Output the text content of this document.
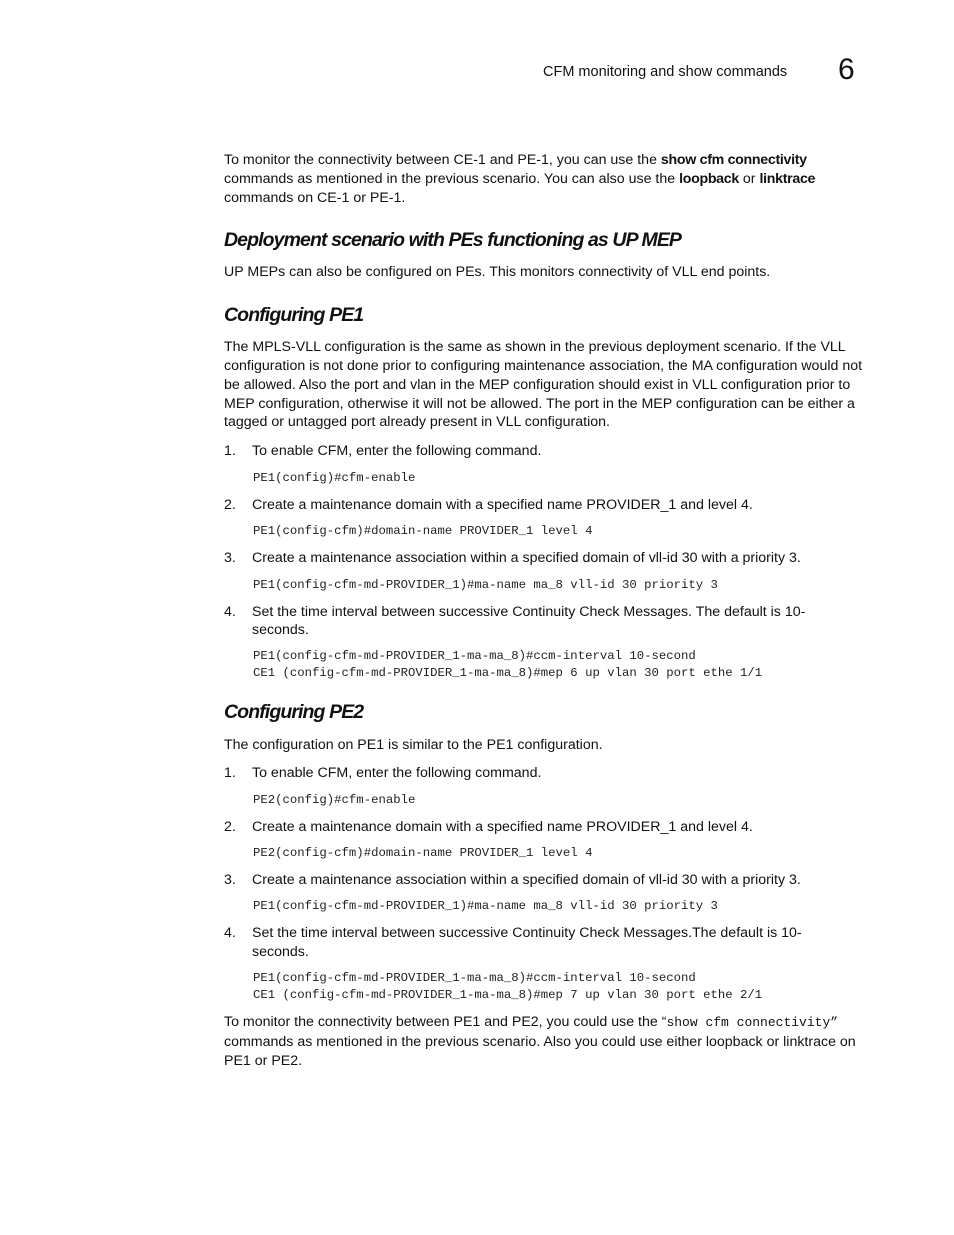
CFM monitoring and show commands 6

To monitor the connectivity between CE-1 and PE-1, you can use the show cfm connectivity commands as mentioned in the previous scenario. You can also use the loopback or linktrace commands on CE-1 or PE-1.

Deployment scenario with PEs functioning as UP MEP

UP MEPs can also be configured on PEs. This monitors connectivity of VLL end points.

Configuring PE1

The MPLS-VLL configuration is the same as shown in the previous deployment scenario. If the VLL configuration is not done prior to configuring maintenance association, the MA configuration would not be allowed. Also the port and vlan in the MEP configuration should exist in VLL configuration prior to MEP configuration, otherwise it will not be allowed. The port in the MEP configuration can be either a tagged or untagged port already present in VLL configuration.

1.	To enable CFM, enter the following command.
PE1(config)#cfm-enable
2.	Create a maintenance domain with a specified name PROVIDER_1 and level 4.
PE1(config-cfm)#domain-name PROVIDER_1 level 4
3.	Create a maintenance association within a specified domain of vll-id 30 with a priority 3.
PE1(config-cfm-md-PROVIDER_1)#ma-name ma_8 vll-id 30 priority 3
4.	Set the time interval between successive Continuity Check Messages. The default is 10-seconds.
PE1(config-cfm-md-PROVIDER_1-ma-ma_8)#ccm-interval 10-second
CE1 (config-cfm-md-PROVIDER_1-ma-ma_8)#mep 6 up vlan 30 port ethe 1/1
Configuring PE2

The configuration on PE1 is similar to the PE1 configuration.

1.	To enable CFM, enter the following command.
PE2(config)#cfm-enable
2.	Create a maintenance domain with a specified name PROVIDER_1 and level 4.
PE2(config-cfm)#domain-name PROVIDER_1 level 4
3.	Create a maintenance association within a specified domain of vll-id 30 with a priority 3.
PE1(config-cfm-md-PROVIDER_1)#ma-name ma_8 vll-id 30 priority 3
4.	Set the time interval between successive Continuity Check Messages.The default is 10-seconds.
PE1(config-cfm-md-PROVIDER_1-ma-ma_8)#ccm-interval 10-second
CE1 (config-cfm-md-PROVIDER_1-ma-ma_8)#mep 7 up vlan 30 port ethe 2/1

To monitor the connectivity between PE1 and PE2, you could use the “show cfm connectivity” commands as mentioned in the previous scenario. Also you could use either loopback or linktrace on PE1 or PE2.
